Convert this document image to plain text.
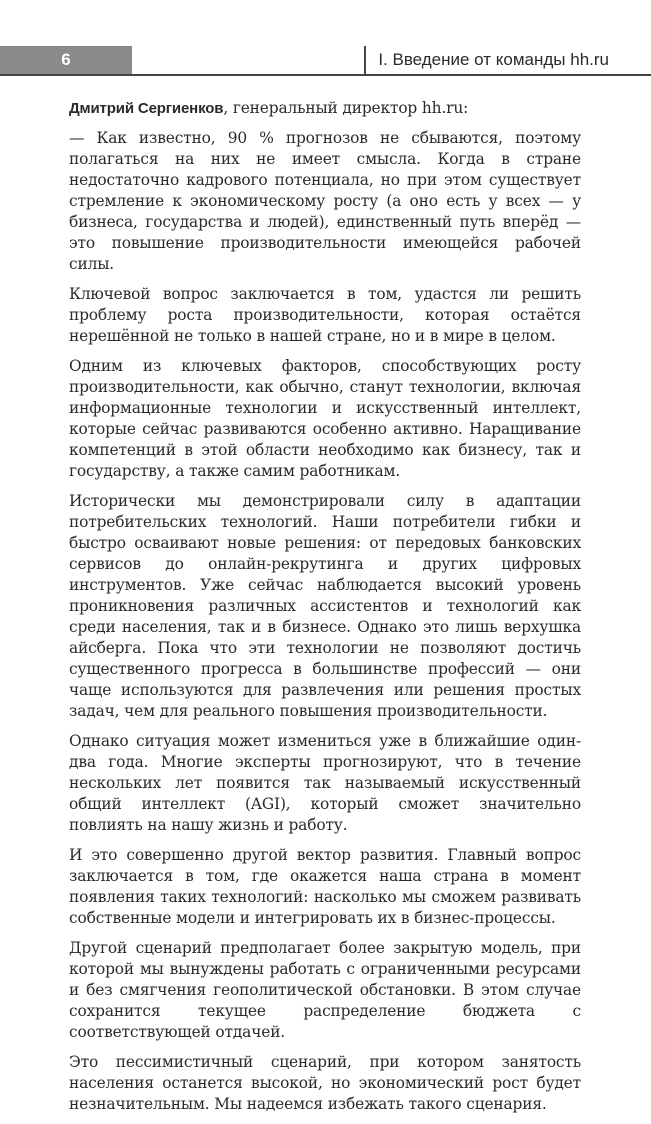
6	I. Введение от команды hh.ru

Дмитрий Сергиенков, генеральный директор hh.ru:

— Как известно, 90 % прогнозов не сбываются, поэтому полагаться на них не имеет смысла. Когда в стране недостаточно кадрового потенциала, но при этом существует стремление к экономическому росту (а оно есть у всех — у бизнеса, государства и людей), единственный путь вперёд — это повышение производительности имеющейся рабочей силы.

Ключевой вопрос заключается в том, удастся ли решить проблему роста производительности, которая остаётся нерешённой не только в нашей стране, но и в мире в целом.

Одним из ключевых факторов, способствующих росту производительности, как обычно, станут технологии, включая информационные технологии и искусственный интеллект, которые сейчас развиваются особенно активно. Наращивание компетенций в этой области необходимо как бизнесу, так и государству, а также самим работникам.

Исторически мы демонстрировали силу в адаптации потребительских технологий. Наши потребители гибки и быстро осваивают новые решения: от передовых банковских сервисов до онлайн-рекрутинга и других цифровых инструментов. Уже сейчас наблюдается высокий уровень проникновения различных ассистентов и технологий как среди населения, так и в бизнесе. Однако это лишь верхушка айсберга. Пока что эти технологии не позволяют достичь существенного прогресса в большинстве профессий — они чаще используются для развлечения или решения простых задач, чем для реального повышения производительности.

Однако ситуация может измениться уже в ближайшие один-два года. Многие эксперты прогнозируют, что в течение нескольких лет появится так называемый искусственный общий интеллект (AGI), который сможет значительно повлиять на нашу жизнь и работу.

И это совершенно другой вектор развития. Главный вопрос заключается в том, где окажется наша страна в момент появления таких технологий: насколько мы сможем развивать собственные модели и интегрировать их в бизнес-процессы.

Другой сценарий предполагает более закрытую модель, при которой мы вынуждены работать с ограниченными ресурсами и без смягчения геополитической обстановки. В этом случае сохранится текущее распределение бюджета с соответствующей отдачей.

Это пессимистичный сценарий, при котором занятость населения останется высокой, но экономический рост будет незначительным. Мы надеемся избежать такого сценария.
